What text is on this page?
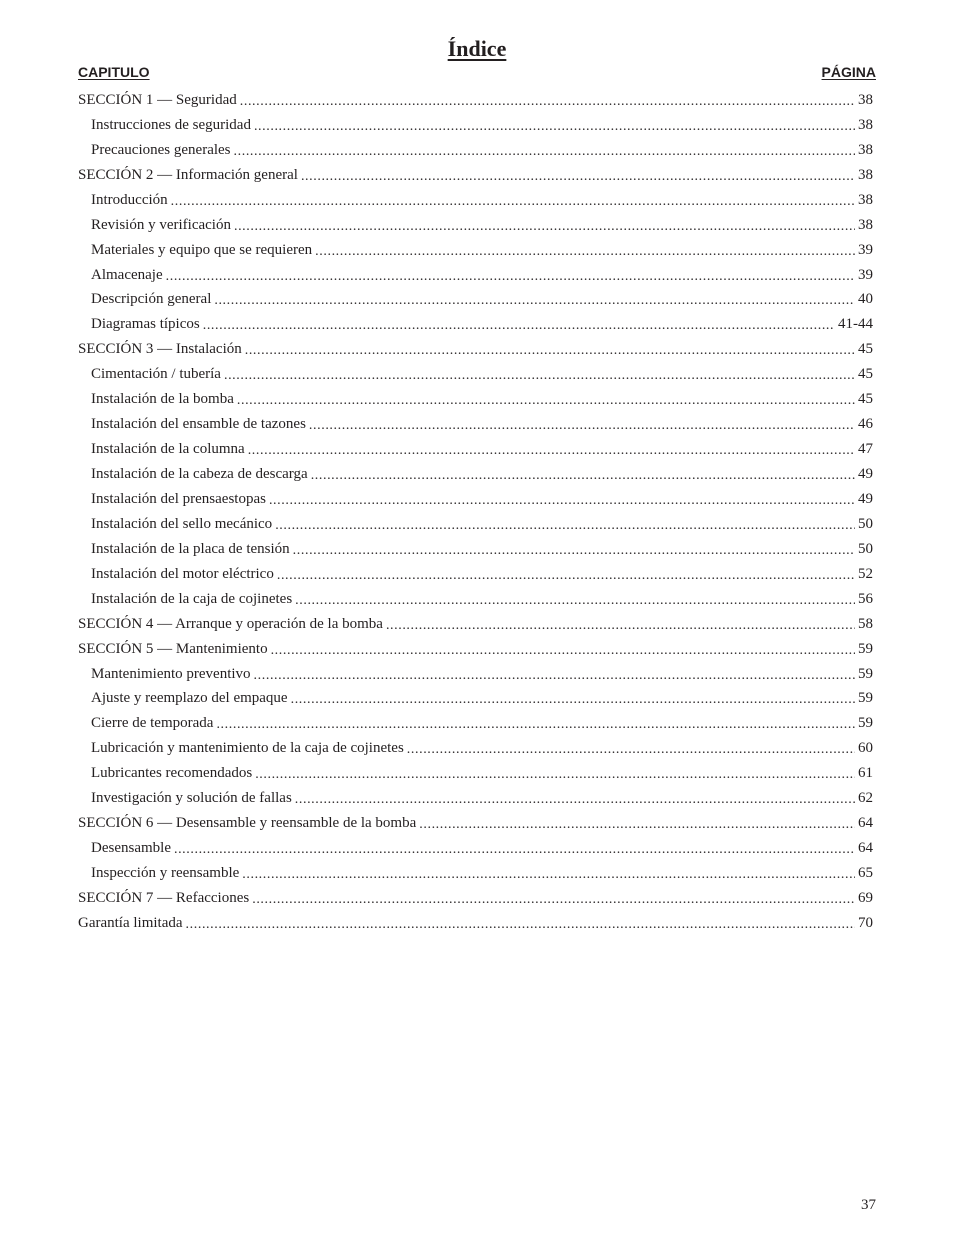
Índice
CAPITULO	PÁGINA
SECCIÓN 1 — Seguridad .....	38
Instrucciones de seguridad .....	38
Precauciones generales .....	38
SECCIÓN 2 — Información general .....	38
Introducción .....	38
Revisión y verificación .....	38
Materiales y equipo que se requieren .....	39
Almacenaje .....	39
Descripción general .....	40
Diagramas típicos .....	41-44
SECCIÓN 3 — Instalación .....	45
Cimentación / tubería .....	45
Instalación de la bomba .....	45
Instalación del ensamble de tazones .....	46
Instalación de la columna .....	47
Instalación de la cabeza de descarga .....	49
Instalación del prensaestopas .....	49
Instalación del sello mecánico .....	50
Instalación de la placa de tensión .....	50
Instalación del motor eléctrico .....	52
Instalación de la caja de cojinetes .....	56
SECCIÓN 4 — Arranque y operación de la bomba .....	58
SECCIÓN 5 — Mantenimiento .....	59
Mantenimiento preventivo .....	59
Ajuste y reemplazo del empaque .....	59
Cierre de temporada .....	59
Lubricación y mantenimiento de la caja de cojinetes .....	60
Lubricantes recomendados .....	61
Investigación y solución de fallas .....	62
SECCIÓN 6 — Desensamble y reensamble de la bomba .....	64
Desensamble .....	64
Inspección y reensamble .....	65
SECCIÓN 7 — Refacciones .....	69
Garantía limitada .....	70
37
